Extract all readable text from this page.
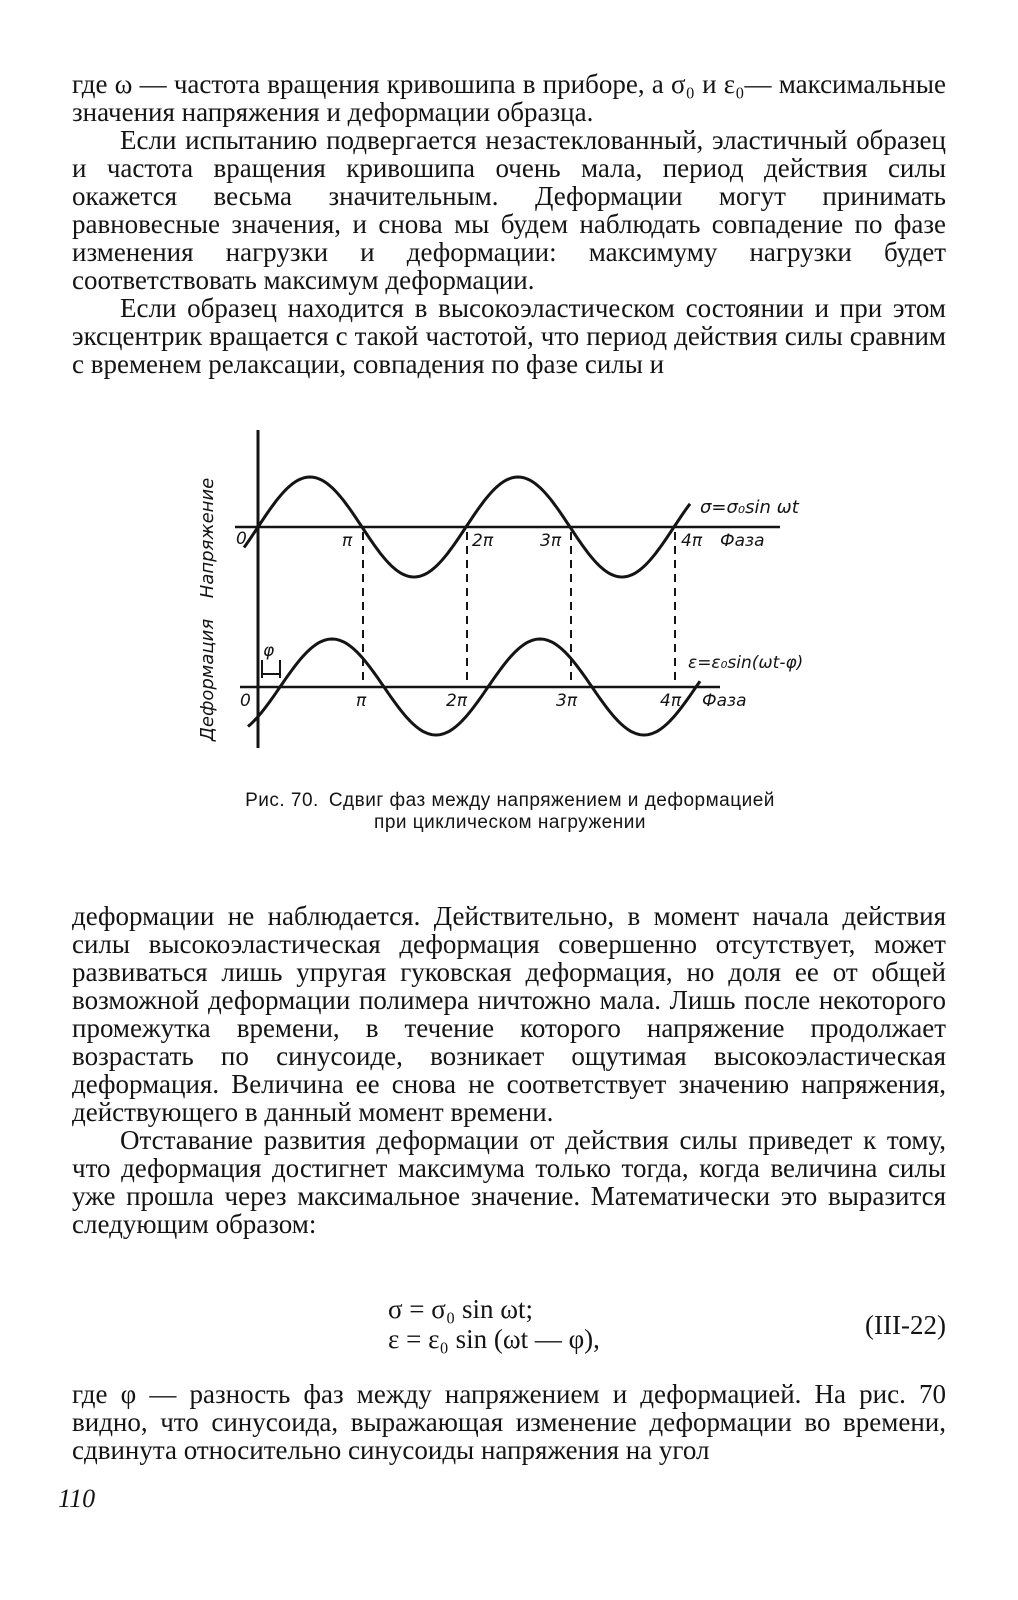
где ω — частота вращения кривошипа в приборе, а σ₀ и ε₀— максимальные значения напряжения и деформации образца.

Если испытанию подвергается незастеклованный, эластичный образец и частота вращения кривошипа очень мала, период действия силы окажется весьма значительным. Деформации могут принимать равновесные значения, и снова мы будем наблюдать совпадение по фазе изменения нагрузки и деформации: максимуму нагрузки будет соответствовать максимум деформации.

Если образец находится в высокоэластическом состоянии и при этом эксцентрик вращается с такой частотой, что период действия силы сравним с временем релаксации, совпадения по фазе силы и

Напряжение
Деформация
0
0
φ
π	2π	3π	4π Фаза
π	2π	3π	4π Фаза
σ=σ₀sin ωt
ε=ε₀sin(ωt-φ)
Рис. 70. Сдвиг фаз между напряжением и деформацией
при циклическом нагружении

деформации не наблюдается. Действительно, в момент начала действия силы высокоэластическая деформация совершенно отсутствует, может развиваться лишь упругая гуковская деформация, но доля ее от общей возможной деформации полимера ничтожно мала. Лишь после некоторого промежутка времени, в течение которого напряжение продолжает возрастать по синусоиде, возникает ощутимая высокоэластическая деформация. Величина ее снова не соответствует значению напряжения, действующего в данный момент времени.

Отставание развития деформации от действия силы приведет к тому, что деформация достигнет максимума только тогда, когда величина силы уже прошла через максимальное значение. Математически это выразится следующим образом:

σ = σ₀ sin ωt;
ε = ε₀ sin (ωt — φ),	(III-22)

где φ — разность фаз между напряжением и деформацией. На рис. 70 видно, что синусоида, выражающая изменение деформации во времени, сдвинута относительно синусоиды напряжения на угол

110
